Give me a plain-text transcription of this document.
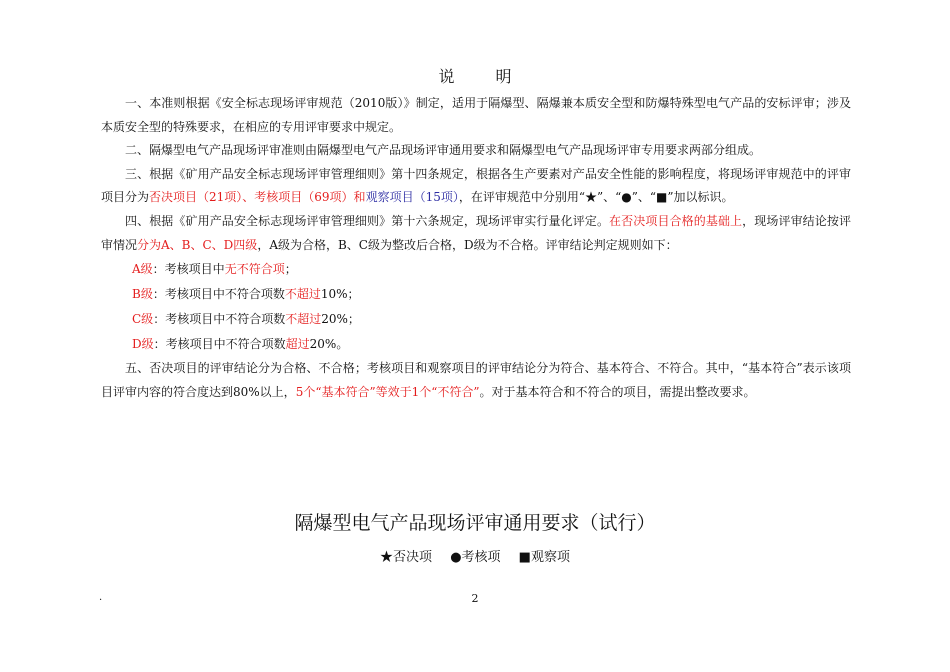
说 明

一、本准则根据《安全标志现场评审规范（2010版）》制定，适用于隔爆型、隔爆兼本质安全型和防爆特殊型电气产品的安标评审；涉及本质安全型的特殊要求，在相应的专用评审要求中规定。

二、隔爆型电气产品现场评审准则由隔爆型电气产品现场评审通用要求和隔爆型电气产品现场评审专用要求两部分组成。

三、根据《矿用产品安全标志现场评审管理细则》第十四条规定，根据各生产要素对产品安全性能的影响程度，将现场评审规范中的评审项目分为否决项目（21项）、考核项目（69项）和观察项目（15项），在评审规范中分别用“★”、“●”、“■”加以标识。

四、根据《矿用产品安全标志现场评审管理细则》第十六条规定，现场评审实行量化评定。在否决项目合格的基础上，现场评审结论按评审情况分为A、B、C、D四级，A级为合格，B、C级为整改后合格，D级为不合格。评审结论判定规则如下：

A级：考核项目中无不符合项；

B级：考核项目中不符合项数不超过10%；

C级：考核项目中不符合项数不超过20%；

D级：考核项目中不符合项数超过20%。

五、否决项目的评审结论分为合格、不合格；考核项目和观察项目的评审结论分为符合、基本符合、不符合。其中，“基本符合”表示该项目评审内容的符合度达到80%以上，5个“基本符合”等效于1个“不符合”。对于基本符合和不符合的项目，需提出整改要求。

隔爆型电气产品现场评审通用要求（试行）
★否决项 ●考核项 ■观察项
.	2
